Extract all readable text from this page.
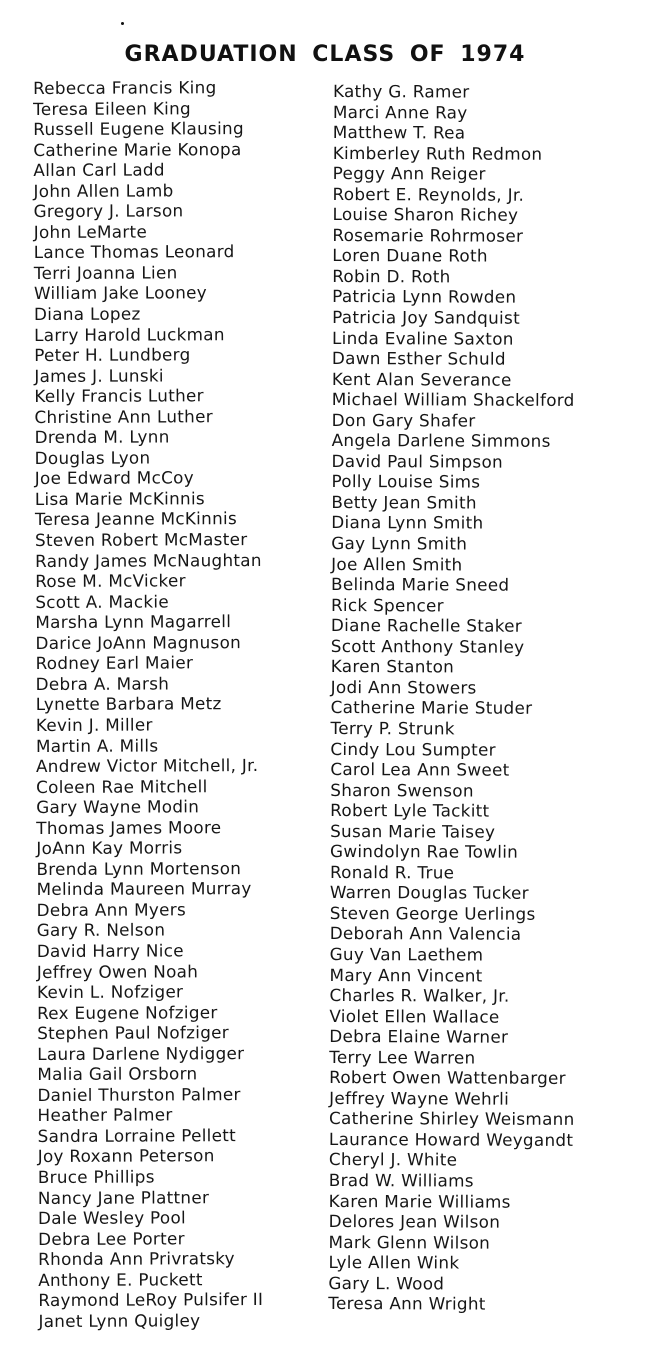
GRADUATION CLASS OF 1974
Rebecca Francis King
Teresa Eileen King
Russell Eugene Klausing
Catherine Marie Konopa
Allan Carl Ladd
John Allen Lamb
Gregory J. Larson
John LeMarte
Lance Thomas Leonard
Terri Joanna Lien
William Jake Looney
Diana Lopez
Larry Harold Luckman
Peter H. Lundberg
James J. Lunski
Kelly Francis Luther
Christine Ann Luther
Drenda M. Lynn
Douglas Lyon
Joe Edward McCoy
Lisa Marie McKinnis
Teresa Jeanne McKinnis
Steven Robert McMaster
Randy James McNaughtan
Rose M. McVicker
Scott A. Mackie
Marsha Lynn Magarrell
Darice JoAnn Magnuson
Rodney Earl Maier
Debra A. Marsh
Lynette Barbara Metz
Kevin J. Miller
Martin A. Mills
Andrew Victor Mitchell, Jr.
Coleen Rae Mitchell
Gary Wayne Modin
Thomas James Moore
JoAnn Kay Morris
Brenda Lynn Mortenson
Melinda Maureen Murray
Debra Ann Myers
Gary R. Nelson
David Harry Nice
Jeffrey Owen Noah
Kevin L. Nofziger
Rex Eugene Nofziger
Stephen Paul Nofziger
Laura Darlene Nydigger
Malia Gail Orsborn
Daniel Thurston Palmer
Heather Palmer
Sandra Lorraine Pellett
Joy Roxann Peterson
Bruce Phillips
Nancy Jane Plattner
Dale Wesley Pool
Debra Lee Porter
Rhonda Ann Privratsky
Anthony E. Puckett
Raymond LeRoy Pulsifer II
Janet Lynn Quigley
Kathy G. Ramer
Marci Anne Ray
Matthew T. Rea
Kimberley Ruth Redmon
Peggy Ann Reiger
Robert E. Reynolds, Jr.
Louise Sharon Richey
Rosemarie Rohrmoser
Loren Duane Roth
Robin D. Roth
Patricia Lynn Rowden
Patricia Joy Sandquist
Linda Evaline Saxton
Dawn Esther Schuld
Kent Alan Severance
Michael William Shackelford
Don Gary Shafer
Angela Darlene Simmons
David Paul Simpson
Polly Louise Sims
Betty Jean Smith
Diana Lynn Smith
Gay Lynn Smith
Joe Allen Smith
Belinda Marie Sneed
Rick Spencer
Diane Rachelle Staker
Scott Anthony Stanley
Karen Stanton
Jodi Ann Stowers
Catherine Marie Studer
Terry P. Strunk
Cindy Lou Sumpter
Carol Lea Ann Sweet
Sharon Swenson
Robert Lyle Tackitt
Susan Marie Taisey
Gwindolyn Rae Towlin
Ronald R. True
Warren Douglas Tucker
Steven George Uerlings
Deborah Ann Valencia
Guy Van Laethem
Mary Ann Vincent
Charles R. Walker, Jr.
Violet Ellen Wallace
Debra Elaine Warner
Terry Lee Warren
Robert Owen Wattenbarger
Jeffrey Wayne Wehrli
Catherine Shirley Weismann
Laurance Howard Weygandt
Cheryl J. White
Brad W. Williams
Karen Marie Williams
Delores Jean Wilson
Mark Glenn Wilson
Lyle Allen Wink
Gary L. Wood
Teresa Ann Wright
